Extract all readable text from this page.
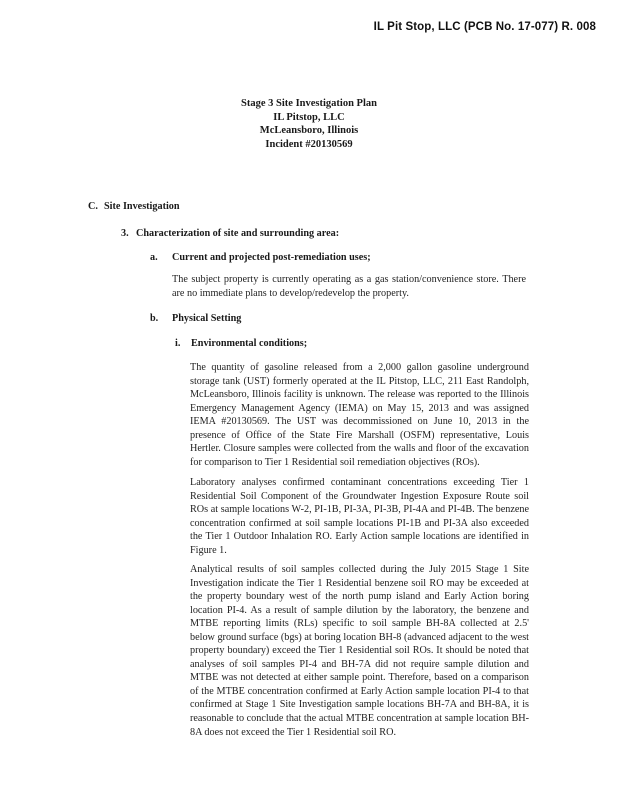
IL Pit Stop, LLC (PCB No. 17-077) R. 008
Stage 3 Site Investigation Plan
IL Pitstop, LLC
McLeansboro, Illinois
Incident #20130569
C. Site Investigation
3. Characterization of site and surrounding area:
a. Current and projected post-remediation uses;
The subject property is currently operating as a gas station/convenience store. There are no immediate plans to develop/redevelop the property.
b. Physical Setting
i. Environmental conditions;
The quantity of gasoline released from a 2,000 gallon gasoline underground storage tank (UST) formerly operated at the IL Pitstop, LLC, 211 East Randolph, McLeansboro, Illinois facility is unknown. The release was reported to the Illinois Emergency Management Agency (IEMA) on May 15, 2013 and was assigned IEMA #20130569. The UST was decommissioned on June 10, 2013 in the presence of Office of the State Fire Marshall (OSFM) representative, Louis Hertler. Closure samples were collected from the walls and floor of the excavation for comparison to Tier 1 Residential soil remediation objectives (ROs).
Laboratory analyses confirmed contaminant concentrations exceeding Tier 1 Residential Soil Component of the Groundwater Ingestion Exposure Route soil ROs at sample locations W-2, PI-1B, PI-3A, PI-3B, PI-4A and PI-4B. The benzene concentration confirmed at soil sample locations PI-1B and PI-3A also exceeded the Tier 1 Outdoor Inhalation RO. Early Action sample locations are identified in Figure 1.
Analytical results of soil samples collected during the July 2015 Stage 1 Site Investigation indicate the Tier 1 Residential benzene soil RO may be exceeded at the property boundary west of the north pump island and Early Action boring location PI-4. As a result of sample dilution by the laboratory, the benzene and MTBE reporting limits (RLs) specific to soil sample BH-8A collected at 2.5' below ground surface (bgs) at boring location BH-8 (advanced adjacent to the west property boundary) exceed the Tier 1 Residential soil ROs. It should be noted that analyses of soil samples PI-4 and BH-7A did not require sample dilution and MTBE was not detected at either sample point. Therefore, based on a comparison of the MTBE concentration confirmed at Early Action sample location PI-4 to that confirmed at Stage 1 Site Investigation sample locations BH-7A and BH-8A, it is reasonable to conclude that the actual MTBE concentration at sample location BH-8A does not exceed the Tier 1 Residential soil RO.
